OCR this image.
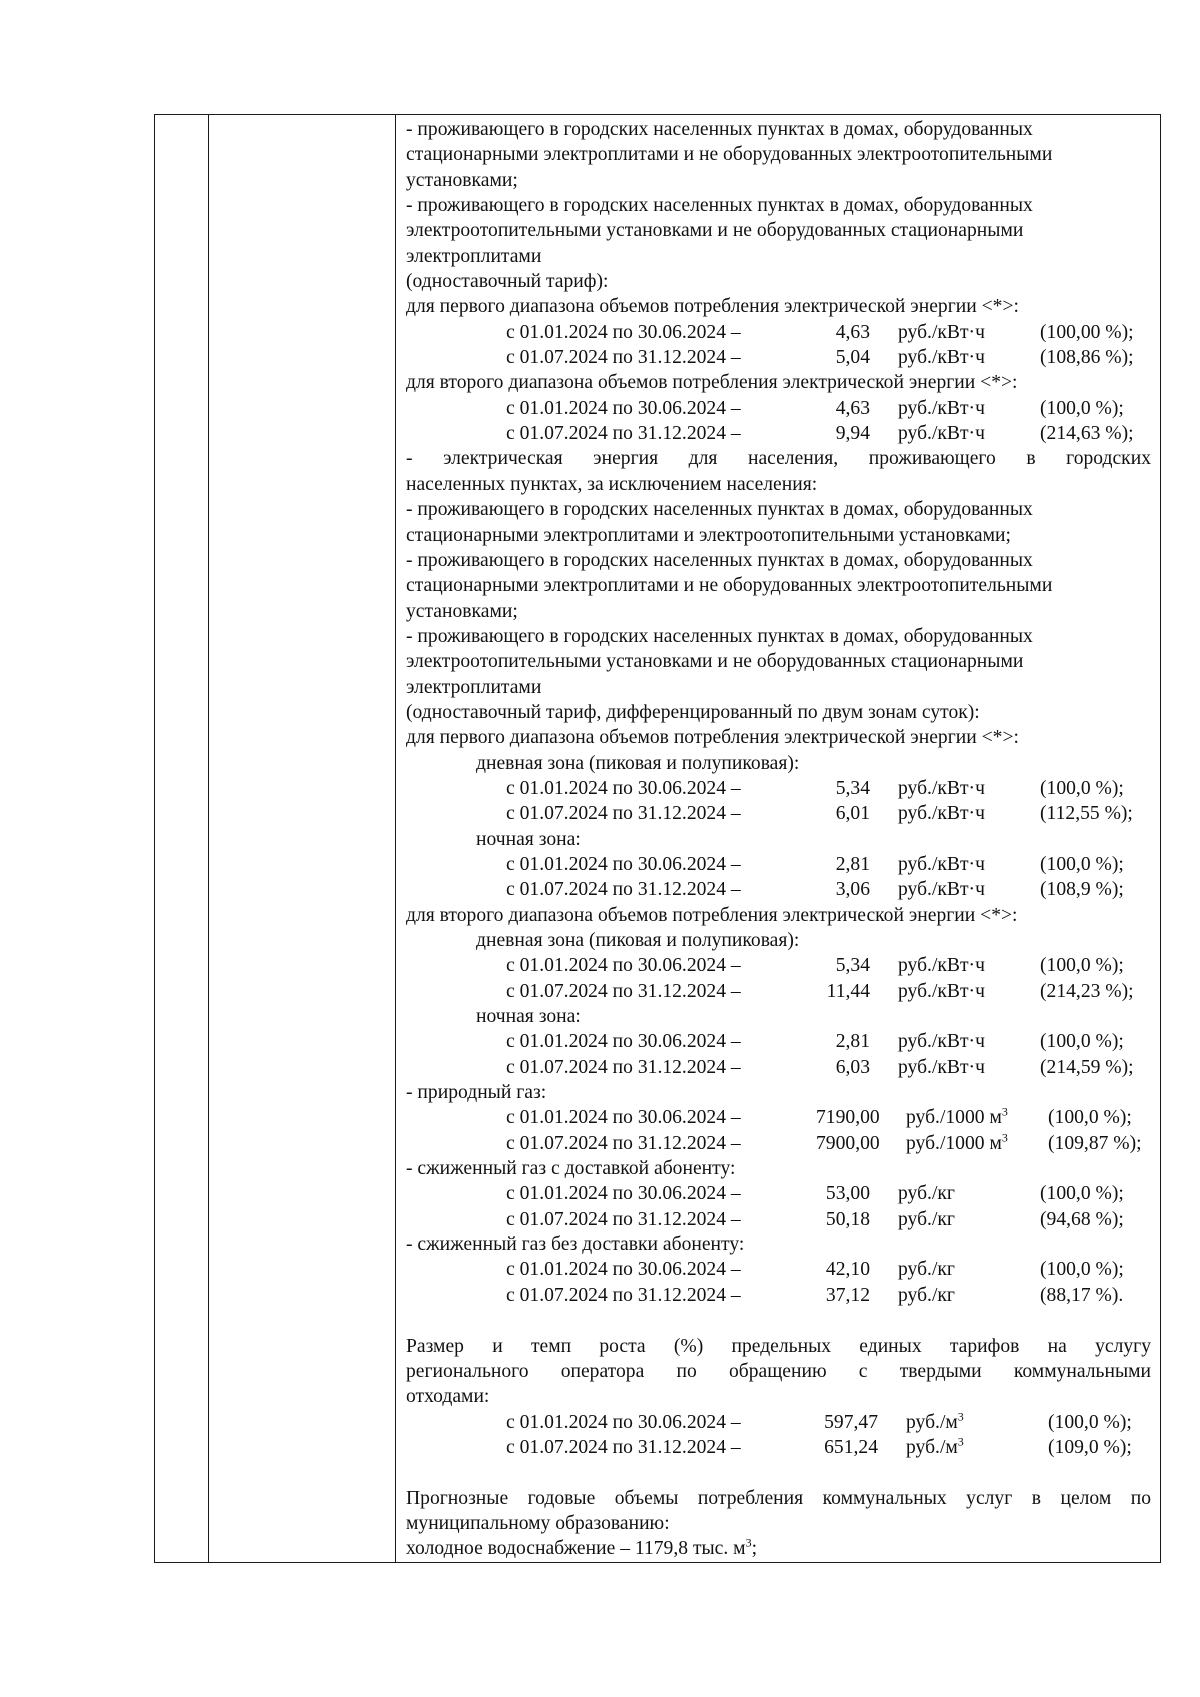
- проживающего в городских населенных пунктах в домах, оборудованных
стационарными электроплитами и не оборудованных электроотопительными
установками;
- проживающего в городских населенных пунктах в домах, оборудованных
электроотопительными установками и не оборудованных стационарными
электроплитами
(одноставочный тариф):
для первого диапазона объемов потребления электрической энергии <*>:
с 01.01.2024 по 30.06.2024 –	4,63 руб./кВт·ч	(100,00 %);
с 01.07.2024 по 31.12.2024 –	5,04 руб./кВт·ч	(108,86 %);
для второго диапазона объемов потребления электрической энергии <*>:
с 01.01.2024 по 30.06.2024 –	4,63 руб./кВт·ч	(100,0 %);
с 01.07.2024 по 31.12.2024 –	9,94 руб./кВт·ч	(214,63 %);
- электрическая энергия для населения, проживающего в городских
населенных пунктах, за исключением населения:
- проживающего в городских населенных пунктах в домах, оборудованных
стационарными электроплитами и электроотопительными установками;
- проживающего в городских населенных пунктах в домах, оборудованных
стационарными электроплитами и не оборудованных электроотопительными
установками;
- проживающего в городских населенных пунктах в домах, оборудованных
электроотопительными установками и не оборудованных стационарными
электроплитами
(одноставочный тариф, дифференцированный по двум зонам суток):
для первого диапазона объемов потребления электрической энергии <*>:
дневная зона (пиковая и полупиковая):
с 01.01.2024 по 30.06.2024 –	5,34 руб./кВт·ч	(100,0 %);
с 01.07.2024 по 31.12.2024 –	6,01 руб./кВт·ч	(112,55 %);
ночная зона:
с 01.01.2024 по 30.06.2024 –	2,81 руб./кВт·ч	(100,0 %);
с 01.07.2024 по 31.12.2024 –	3,06 руб./кВт·ч	(108,9 %);
для второго диапазона объемов потребления электрической энергии <*>:
дневная зона (пиковая и полупиковая):
с 01.01.2024 по 30.06.2024 –	5,34 руб./кВт·ч	(100,0 %);
с 01.07.2024 по 31.12.2024 –	11,44 руб./кВт·ч	(214,23 %);
ночная зона:
с 01.01.2024 по 30.06.2024 –	2,81 руб./кВт·ч	(100,0 %);
с 01.07.2024 по 31.12.2024 –	6,03 руб./кВт·ч	(214,59 %);
- природный газ:
с 01.01.2024 по 30.06.2024 –	7190,00 руб./1000 $м^3$	(100,0 %);
с 01.07.2024 по 31.12.2024 –	7900,00 руб./1000 $м^3$	(109,87 %);
- сжиженный газ с доставкой абоненту:
с 01.01.2024 по 30.06.2024 –	53,00 руб./кг	(100,0 %);
с 01.07.2024 по 31.12.2024 –	50,18 руб./кг	(94,68 %);
- сжиженный газ без доставки абоненту:
с 01.01.2024 по 30.06.2024 –	42,10 руб./кг	(100,0 %);
с 01.07.2024 по 31.12.2024 –	37,12 руб./кг	(88,17 %).
Размер и темп роста (%) предельных единых тарифов на услугу
регионального оператора по обращению с твердыми коммунальными
отходами:
с 01.01.2024 по 30.06.2024 –	597,47 $руб./м^3$	(100,0 %);
с 01.07.2024 по 31.12.2024 –	651,24 $руб./м^3$	(109,0 %);
Прогнозные годовые объемы потребления коммунальных услуг в целом по
муниципальному образованию:
холодное водоснабжение – 1179,8 тыс. $м^3$;
